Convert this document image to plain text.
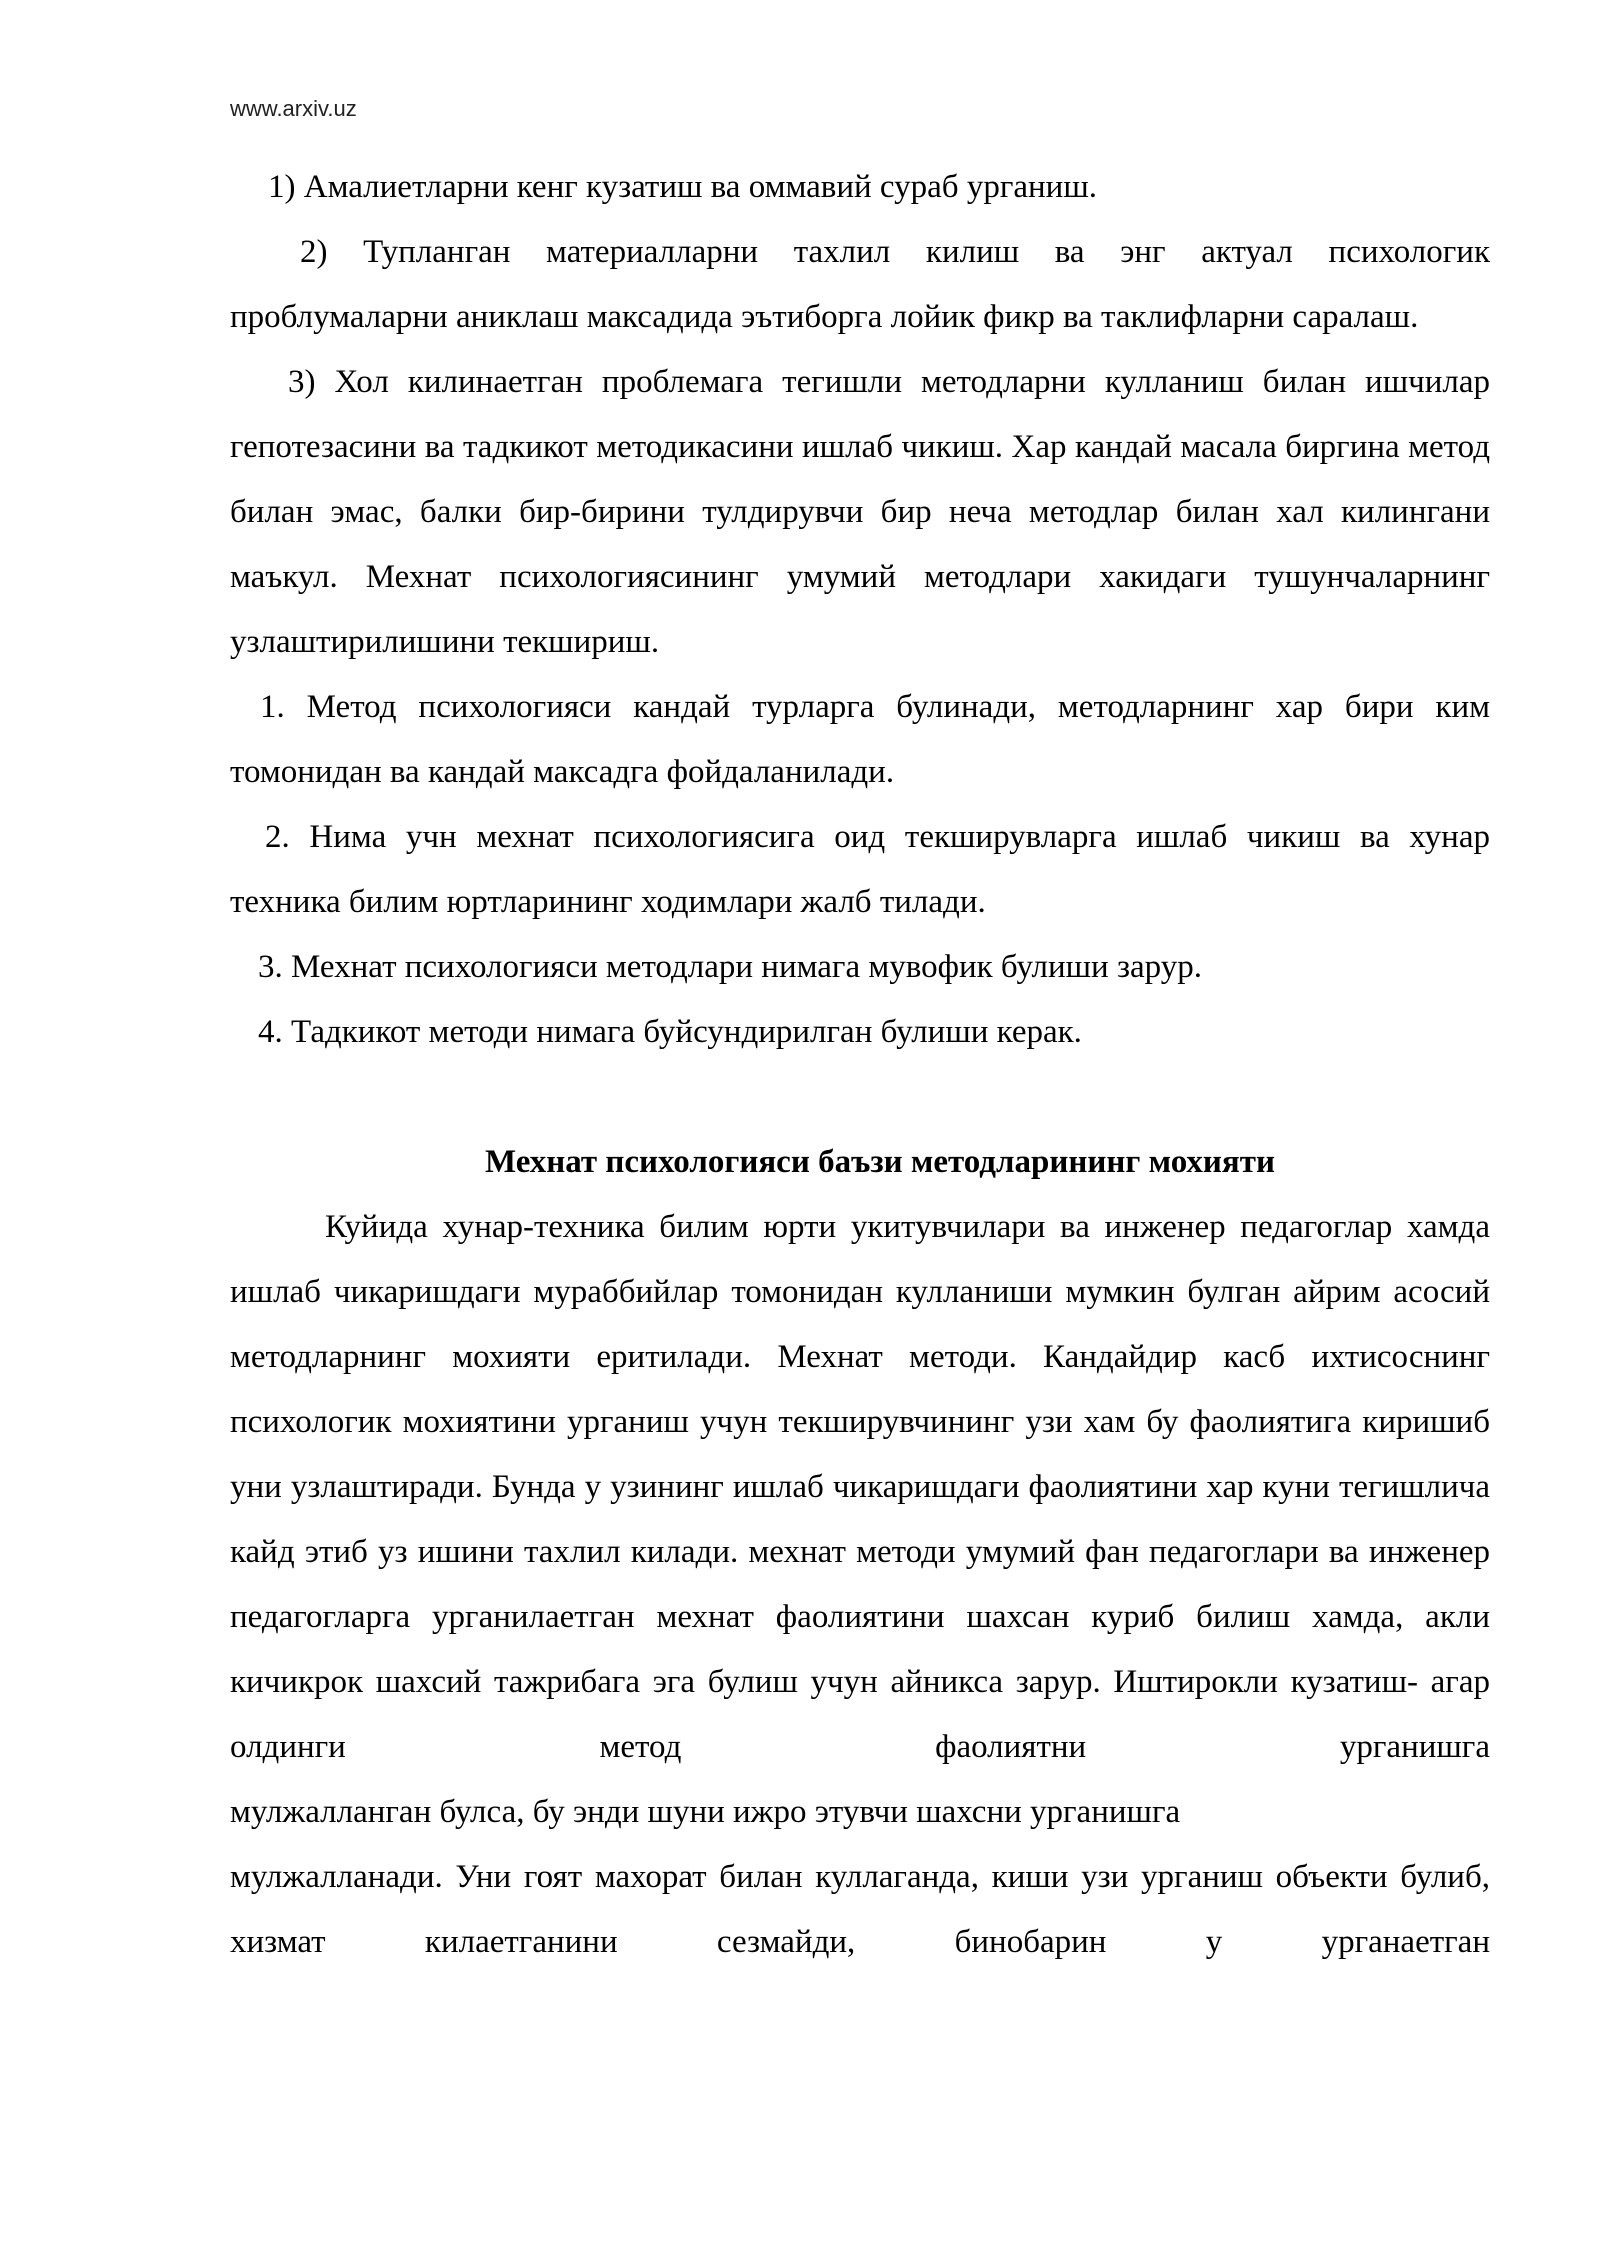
www.arxiv.uz

1) Амалиетларни кенг кузатиш ва оммавий сураб урганиш.

2) Тупланган материалларни тахлил килиш ва энг актуал психологик проблумаларни аниклаш максадида эътиборга лойик фикр ва таклифларни саралаш.

3) Хол килинаетган проблемага тегишли методларни кулланиш билан ишчилар гепотезасини ва тадкикот методикасини ишлаб чикиш. Хар кандай масала биргина метод билан эмас, балки бир-бирини тулдирувчи бир неча методлар билан хал килингани маъкул. Мехнат психологиясининг умумий методлари хакидаги тушунчаларнинг узлаштирилишини текшириш.

1. Метод психологияси кандай турларга булинади, методларнинг хар бири ким томонидан ва кандай максадга фойдаланилади.

2. Нима учн мехнат психологиясига оид текширувларга ишлаб чикиш ва хунар техника билим юртларининг ходимлари жалб тилади.

3. Мехнат психологияси методлари нимага мувофик булиши зарур.

4. Тадкикот методи нимага буйсундирилган булиши керак.

Мехнат психологияси баъзи методларининг мохияти

Куйида хунар-техника билим юрти укитувчилари ва инженер педагоглар хамда ишлаб чикаришдаги мураббийлар томонидан кулланиши мумкин булган айрим асосий методларнинг мохияти еритилади. Мехнат методи. Кандайдир касб ихтисоснинг психологик мохиятини урганиш учун текширувчининг узи хам бу фаолиятига киришиб уни узлаштиради. Бунда у узининг ишлаб чикаришдаги фаолиятини хар куни тегишлича кайд этиб уз ишини тахлил килади. мехнат методи умумий фан педагоглари ва инженер педагогларга урганилаетган мехнат фаолиятини шахсан куриб билиш хамда, акли кичикрок шахсий тажрибага эга булиш учун айникса зарур. Иштирокли кузатиш- агар олдинги метод фаолиятни урганишга

мулжалланган булса, бу энди шуни ижро этувчи шахсни урганишга

мулжалланади. Уни гоят махорат билан куллаганда, киши узи урганиш объекти булиб, хизмат килаетганини сезмайди, бинобарин у урганаетган
